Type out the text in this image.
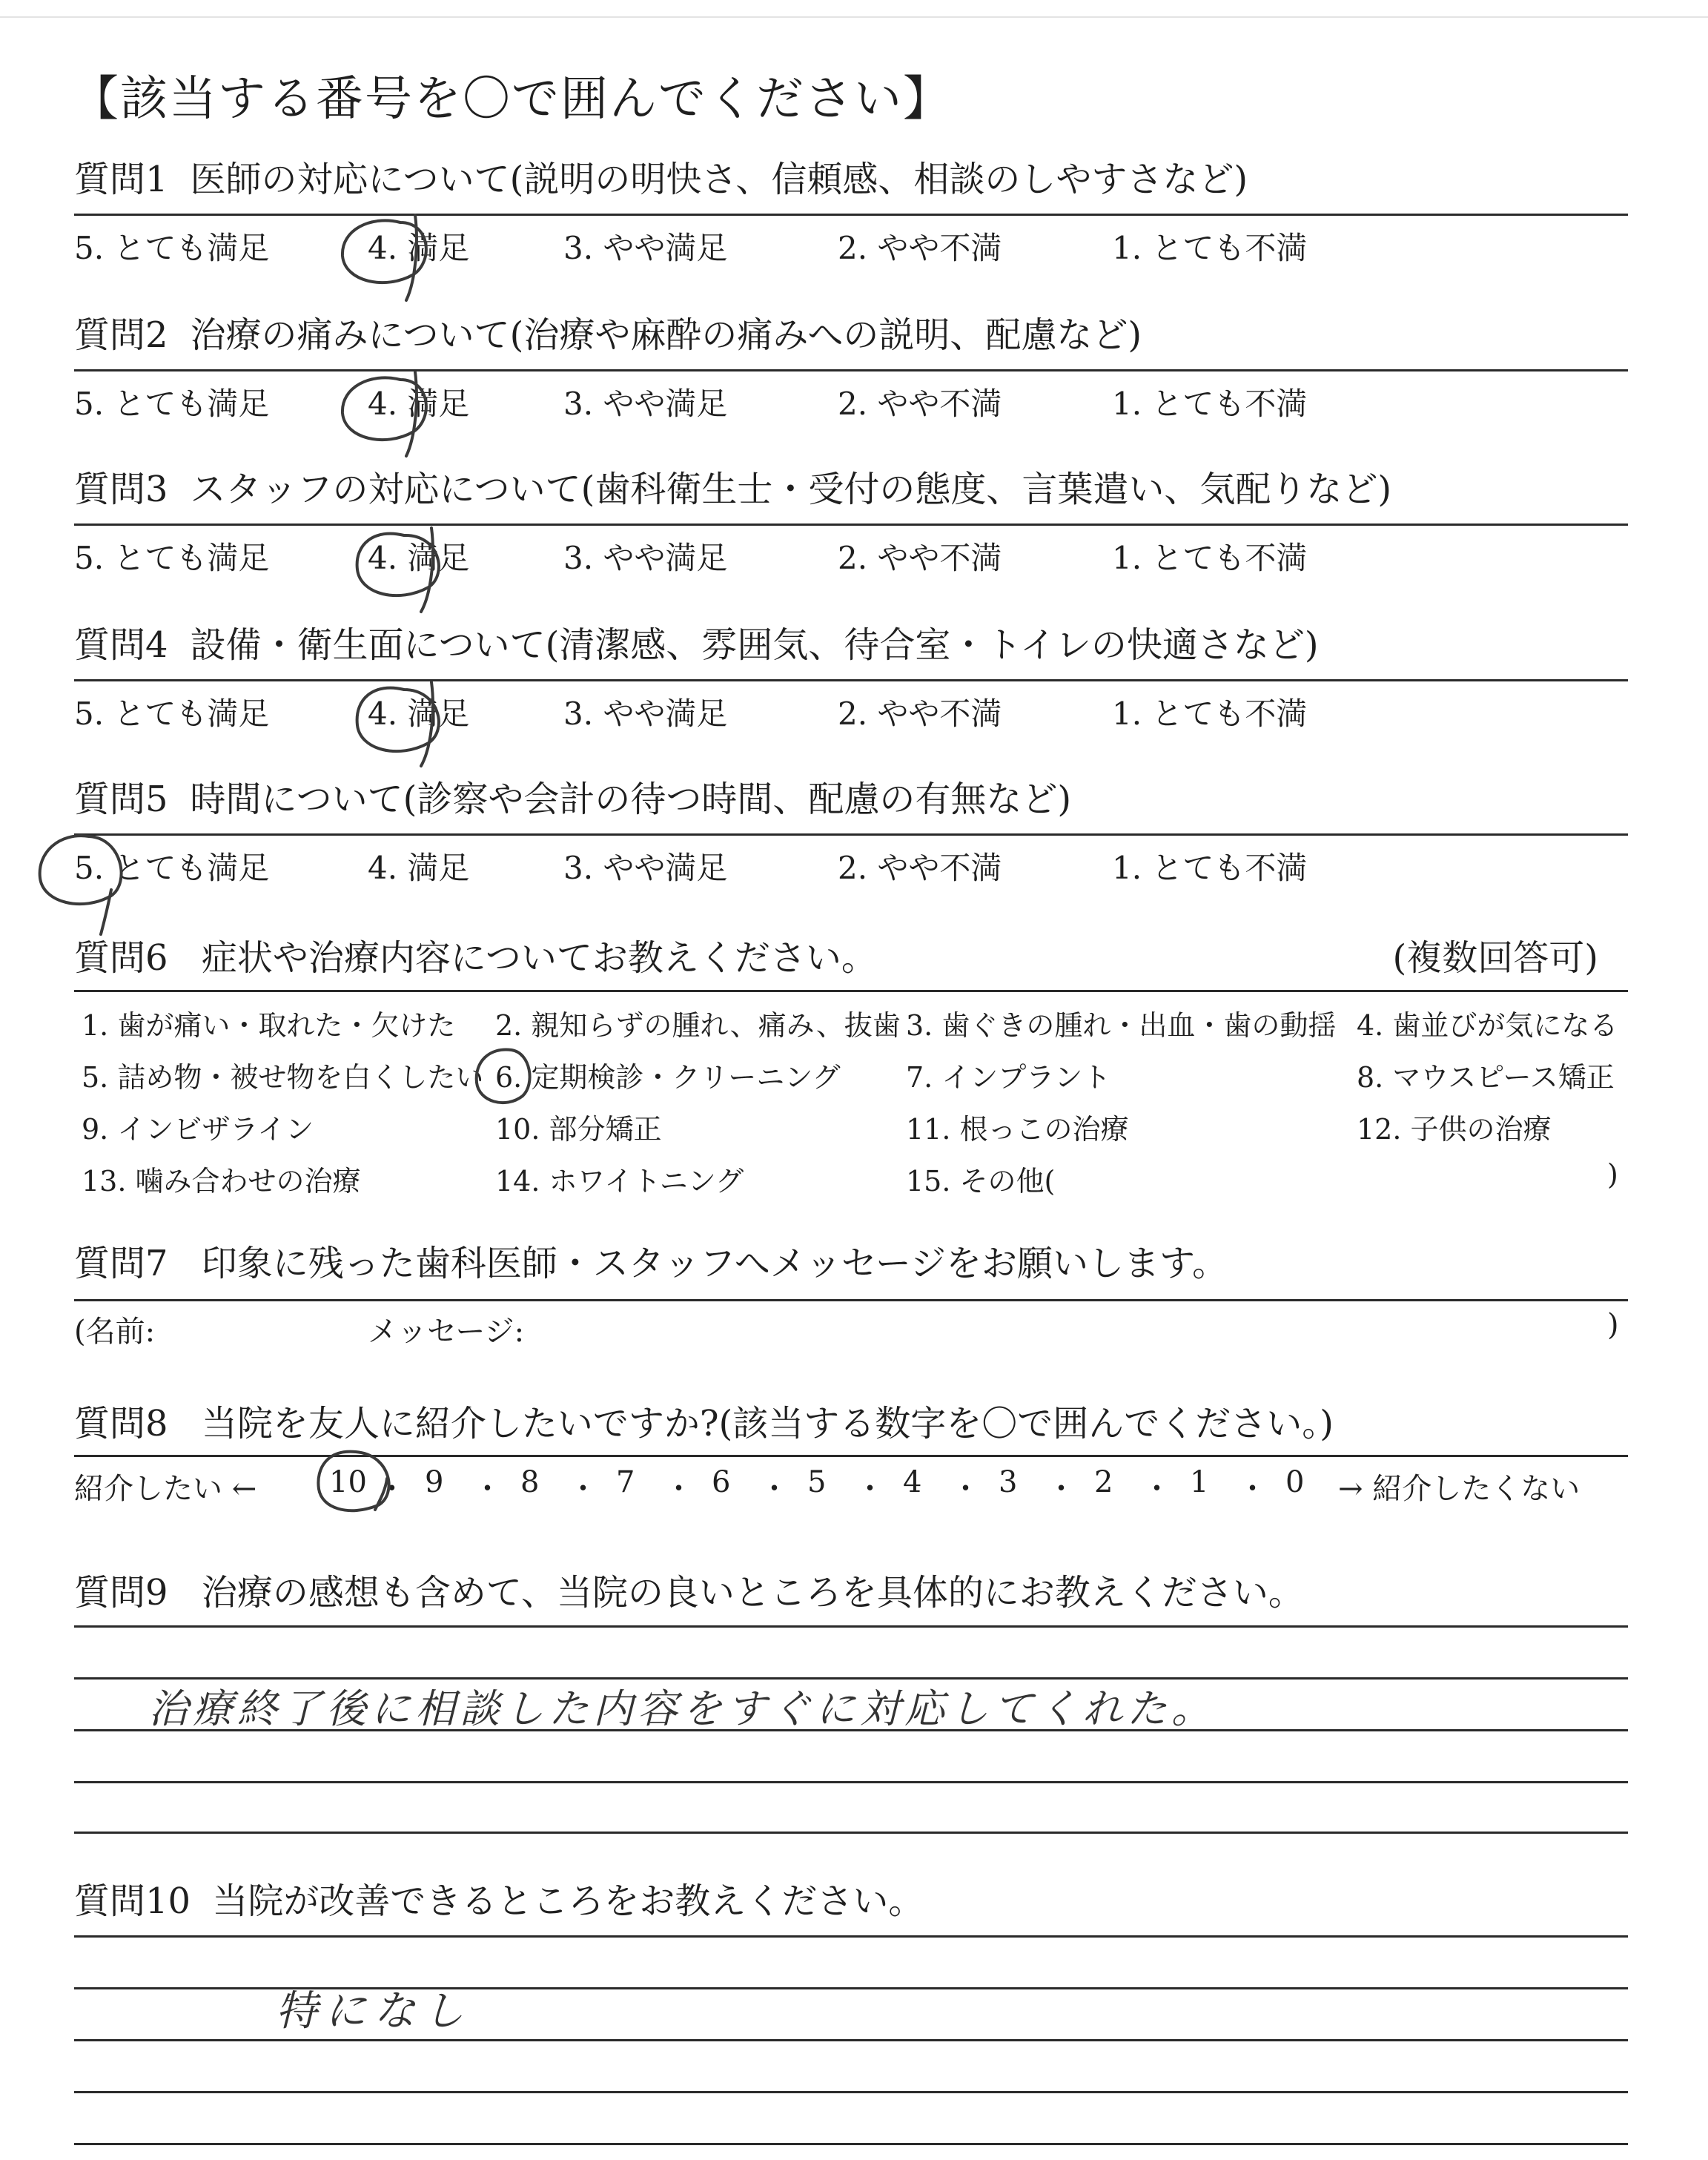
【該当する番号を〇で囲んでください】
質問1 医師の対応について(説明の明快さ、信頼感、相談のしやすさなど)
5. とても満足	4. 満足	3. やや満足	2. やや不満	1. とても不満
質問2 治療の痛みについて(治療や麻酔の痛みへの説明、配慮など)
5. とても満足	4. 満足	3. やや満足	2. やや不満	1. とても不満
質問3 スタッフの対応について(歯科衛生士・受付の態度、言葉遣い、気配りなど)
5. とても満足	4. 満足	3. やや満足	2. やや不満	1. とても不満
質問4 設備・衛生面について(清潔感、雰囲気、待合室・トイレの快適さなど)
5. とても満足	4. 満足	3. やや満足	2. やや不満	1. とても不満
質問5 時間について(診察や会計の待つ時間、配慮の有無など)
5. とても満足	4. 満足	3. やや満足	2. やや不満	1. とても不満
質問6 症状や治療内容についてお教えください。	(複数回答可)
1. 歯が痛い・取れた・欠けた 2. 親知らずの腫れ、痛み、抜歯 3. 歯ぐきの腫れ・出血・歯の動揺 4. 歯並びが気になる
5. 詰め物・被せ物を白くしたい 6. 定期検診・クリーニング 7. インプラント	8. マウスピース矯正
9. インビザライン	10. 部分矯正	11. 根っこの治療	12. 子供の治療
13. 噛み合わせの治療	14. ホワイトニング	15. その他(	)
質問7 印象に残った歯科医師・スタッフへメッセージをお願いします。
(名前:	メッセージ:	)
質問8 当院を友人に紹介したいですか?(該当する数字を〇で囲んでください。)
紹介したい ←	→ 紹介したくない
10 ・ 9 ・ 8 ・ 7 ・ 6 ・ 5 ・ 4 ・ 3 ・ 2 ・ 1 ・ 0
質問9 治療の感想も含めて、当院の良いところを具体的にお教えください。
治療終了後に相談した内容をすぐに対応してくれた。
質問10 当院が改善できるところをお教えください。
特になし
